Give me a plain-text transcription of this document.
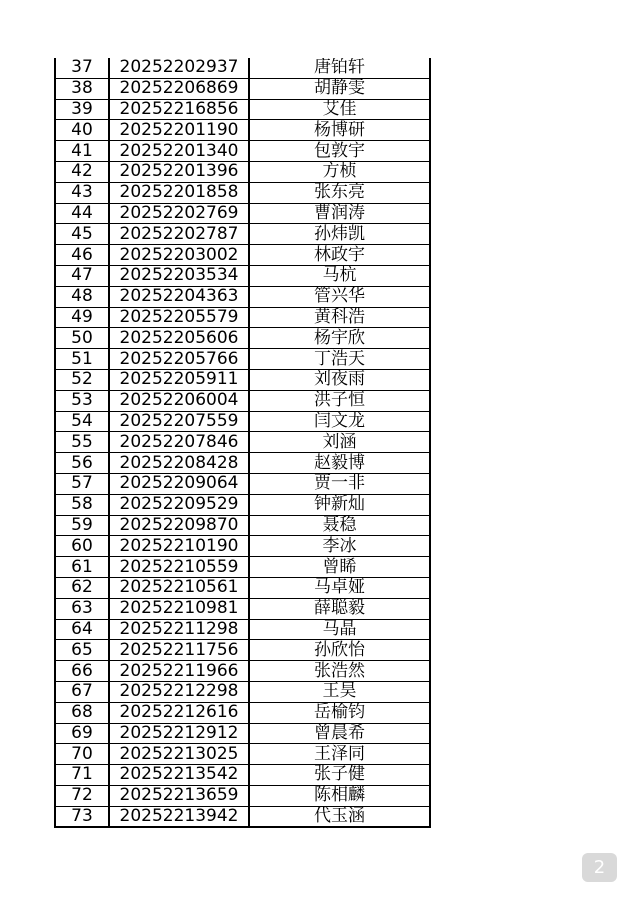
37	20252202937	唐铂轩
38	20252206869	胡静雯
39	20252216856	艾佳
40	20252201190	杨博研
41	20252201340	包敦宇
42	20252201396	方桢
43	20252201858	张东亮
44	20252202769	曹润涛
45	20252202787	孙炜凯
46	20252203002	林政宇
47	20252203534	马杭
48	20252204363	管兴华
49	20252205579	黄科浩
50	20252205606	杨宇欣
51	20252205766	丁浩天
52	20252205911	刘夜雨
53	20252206004	洪子恒
54	20252207559	闫文龙
55	20252207846	刘涵
56	20252208428	赵毅博
57	20252209064	贾一非
58	20252209529	钟新灿
59	20252209870	聂稳
60	20252210190	李冰
61	20252210559	曾睎
62	20252210561	马卓娅
63	20252210981	薛聪毅
64	20252211298	马晶
65	20252211756	孙欣怡
66	20252211966	张浩然
67	20252212298	王昊
68	20252212616	岳榆钧
69	20252212912	曾晨希
70	20252213025	王泽同
71	20252213542	张子健
72	20252213659	陈相麟
73	20252213942	代玉涵
2
